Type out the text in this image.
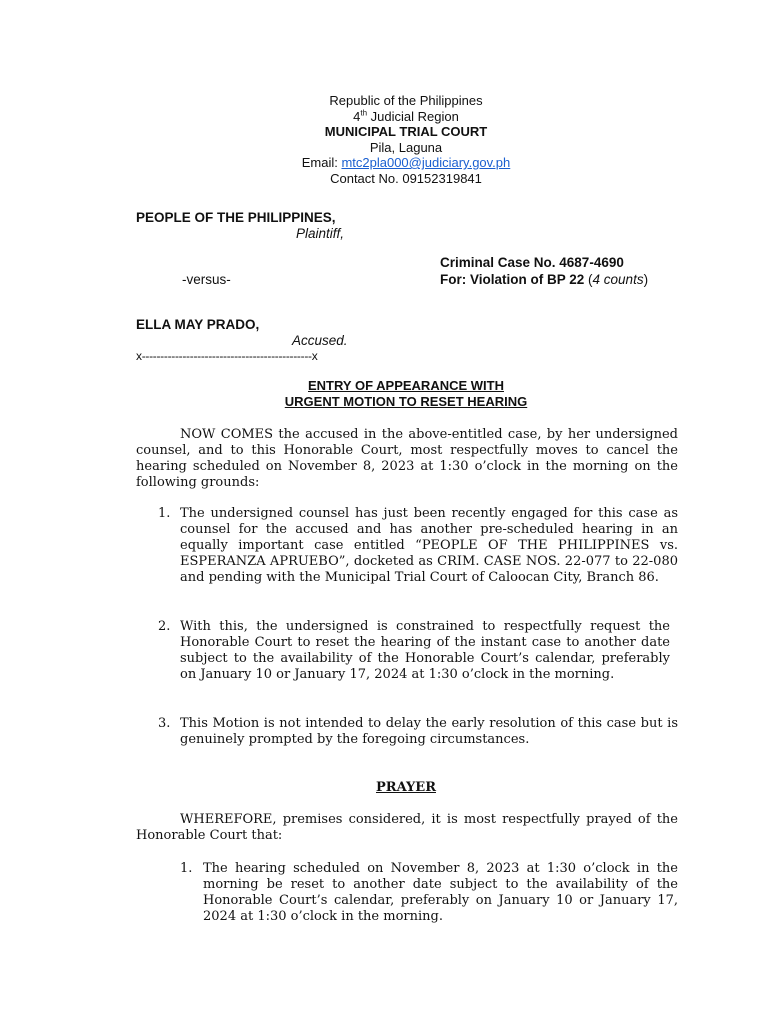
Republic of the Philippines
4th Judicial Region
MUNICIPAL TRIAL COURT
Pila, Laguna
Email: mtc2pla000@judiciary.gov.ph
Contact No. 09152319841
PEOPLE OF THE PHILIPPINES,
Plaintiff,
Criminal Case No. 4687-4690
-versus-	For: Violation of BP 22 (4 counts)
ELLA MAY PRADO,
Accused.
x----------------------------------------------x
ENTRY OF APPEARANCE WITH
URGENT MOTION TO RESET HEARING
NOW COMES the accused in the above-entitled case, by her undersigned counsel, and to this Honorable Court, most respectfully moves to cancel the hearing scheduled on November 8, 2023 at 1:30 o’clock in the morning on the following grounds:
1. The undersigned counsel has just been recently engaged for this case as counsel for the accused and has another pre-scheduled hearing in an equally important case entitled “PEOPLE OF THE PHILIPPINES vs. ESPERANZA APRUEBO”, docketed as CRIM. CASE NOS. 22-077 to 22-080 and pending with the Municipal Trial Court of Caloocan City, Branch 86.
2. With this, the undersigned is constrained to respectfully request the Honorable Court to reset the hearing of the instant case to another date subject to the availability of the Honorable Court’s calendar, preferably on January 10 or January 17, 2024 at 1:30 o’clock in the morning.
3. This Motion is not intended to delay the early resolution of this case but is genuinely prompted by the foregoing circumstances.
PRAYER
WHEREFORE, premises considered, it is most respectfully prayed of the Honorable Court that:
1. The hearing scheduled on November 8, 2023 at 1:30 o’clock in the morning be reset to another date subject to the availability of the Honorable Court’s calendar, preferably on January 10 or January 17, 2024 at 1:30 o’clock in the morning.
